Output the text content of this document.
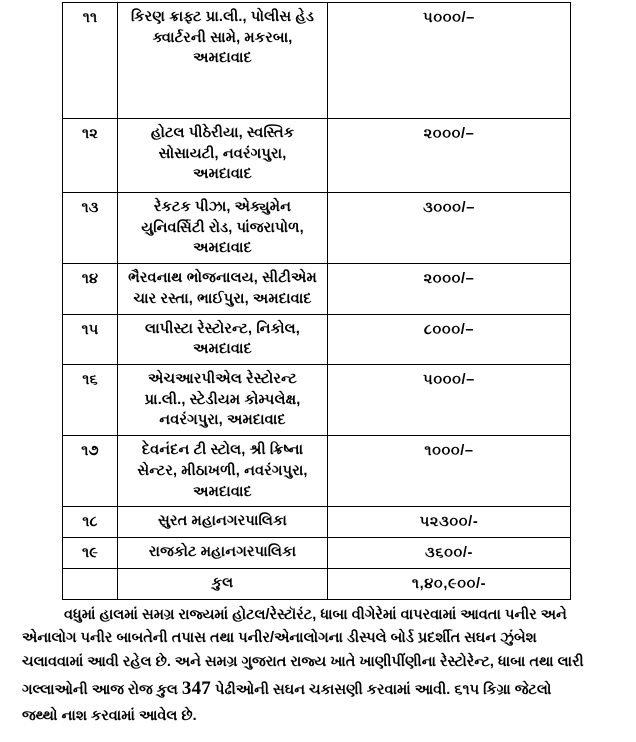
૧૧	કિરણ ક્રાફ્ટ પ્રા.લી., પોલીસ હેડ
ક્વાર્ટરની સામે, મકરબા,
અમદાવાદ	૫૦૦૦/–
૧૨	હોટલ પીઠેરીયા, સ્વસ્તિક
સોસાયટી, નવરંગપુરા,
અમદાવાદ	૨૦૦૦/–
૧૩	રેકટક પીઝા, એક્યુમેન
યુનિવર્સિટી રોડ, પાંજરાપોળ,
અમદાવાદ	૩૦૦૦/–
૧૪	ભૈરવનાથ ભોજનાલય, સીટીએમ
ચાર રસ્તા, ભાઈપુરા, અમદાવાદ	૨૦૦૦/–
૧૫	લાપીસ્ટા રેસ્ટોરન્ટ, નિકોલ,
અમદાવાદ	૮૦૦૦/–
૧૬	એચઆરપીએલ રેસ્ટોરન્ટ
પ્રા.લી., સ્ટેડીયમ કોમ્પલેક્ષ,
નવરંગપુરા, અમદાવાદ	૫૦૦૦/–
૧૭	દેવનંદન ટી સ્ટોલ, શ્રી ક્રિષ્ના
સેન્ટર, મીઠાખળી, નવરંગપુરા,
અમદાવાદ	૧૦૦૦/–
૧૮	સુરત મહાનગરપાલિકા	૫૨૩૦૦/-
૧૯	રાજકોટ મહાનગરપાલિકા	૩૬૦૦/-

	કુલ	૧,૪૦,૯૦૦/-
વધુમાં હાલમાં સમગ્ર રાજ્યમાં હોટલ/રેસ્ટૉરંટ, ધાબા વીગેરેમાં વાપરવામાં આવતા પનીર અને
એનાલોગ પનીર બાબતેની તપાસ તથા પનીર/એનાલોગના ડીસ્પલે બોર્ડ પ્રદર્શીત સઘન ઝુંબેશ
ચલાવવામાં આવી રહેલ છે. અને સમગ્ર ગુજરાત રાજ્ય ખાતે ખાણીપીંણીના રેસ્ટોરેન્ટ, ધાબા તથા લારી
ગલ્લાઓની આજ રોજ કુલ 347 પેઢીઓની સઘન ચકાસણી કરવામાં આવી. ૬૧૫ કિગ્રા જેટલો
જથ્થો નાશ કરવામાં આવેલ છે.
